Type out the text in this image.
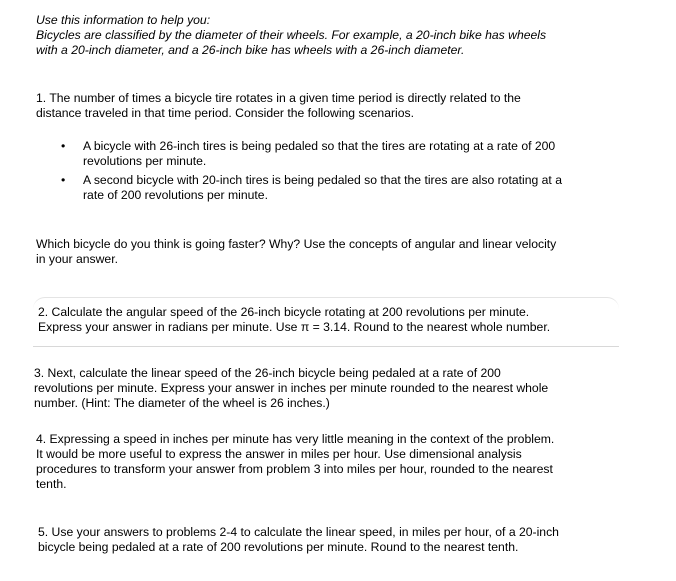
Use this information to help you:
Bicycles are classified by the diameter of their wheels. For example, a 20-inch bike has wheels
with a 20-inch diameter, and a 26-inch bike has wheels with a 26-inch diameter.
1. The number of times a bicycle tire rotates in a given time period is directly related to the
distance traveled in that time period. Consider the following scenarios.
• A bicycle with 26-inch tires is being pedaled so that the tires are rotating at a rate of 200
revolutions per minute.
• A second bicycle with 20-inch tires is being pedaled so that the tires are also rotating at a
rate of 200 revolutions per minute.
Which bicycle do you think is going faster? Why? Use the concepts of angular and linear velocity
in your answer.
2. Calculate the angular speed of the 26-inch bicycle rotating at 200 revolutions per minute.
Express your answer in radians per minute. Use π = 3.14. Round to the nearest whole number.
3. Next, calculate the linear speed of the 26-inch bicycle being pedaled at a rate of 200
revolutions per minute. Express your answer in inches per minute rounded to the nearest whole
number. (Hint: The diameter of the wheel is 26 inches.)
4. Expressing a speed in inches per minute has very little meaning in the context of the problem.
It would be more useful to express the answer in miles per hour. Use dimensional analysis
procedures to transform your answer from problem 3 into miles per hour, rounded to the nearest
tenth.
5. Use your answers to problems 2-4 to calculate the linear speed, in miles per hour, of a 20-inch
bicycle being pedaled at a rate of 200 revolutions per minute. Round to the nearest tenth.
